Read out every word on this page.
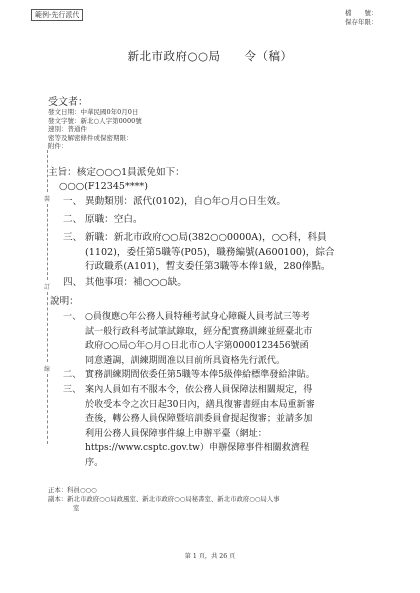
範例-先行派代	檔　　號：
保存年限：
新北市政府○○局　　令（稿）
裝
訂
線
受文者：
發文日期：中華民國0年0月0日
發文字號：新北○人字第0000號
速別：普通件
密等及解密條件或保密期限：
附件：
主旨：核定○○○1員派免如下：
○○○(F12345****)
一、 異動類別：派代(0102)，自○年○月○日生效。
二、 原職：空白。
三、 新職：新北市政府○○局(382○○0000A)，○○科，科員
(1102)，委任第5職等(P05)，職務編號(A600100)，綜合
行政職系(A101)，暫支委任第3職等本俸1級，280俸點。
四、 其他事項：補○○○缺。
說明：
一、 ○員復應○年公務人員特種考試身心障礙人員考試三等考
試一般行政科考試筆試錄取，經分配實務訓練並經臺北市
政府○○局○年○月○日北市○人字第0000123456號函
同意遴調，訓練期間准以目前所具資格先行派代。
二、 實務訓練期間依委任第5職等本俸5級俸給標準發給津貼。
三、 案內人員如有不服本令，依公務人員保障法相關規定，得
於收受本令之次日起30日內，繕具復審書經由本局重新審
查後，轉公務人員保障暨培訓委員會提起復審；並請多加
利用公務人員保障事件線上申辦平臺（網址：
https://www.csptc.gov.tw）申辦保障事件相關救濟程
序。
正本：科員○○○
副本：新北市政府○○局政風室、新北市政府○○局秘書室、新北市政府○○局人事
室
第 1 頁，共 26 頁
